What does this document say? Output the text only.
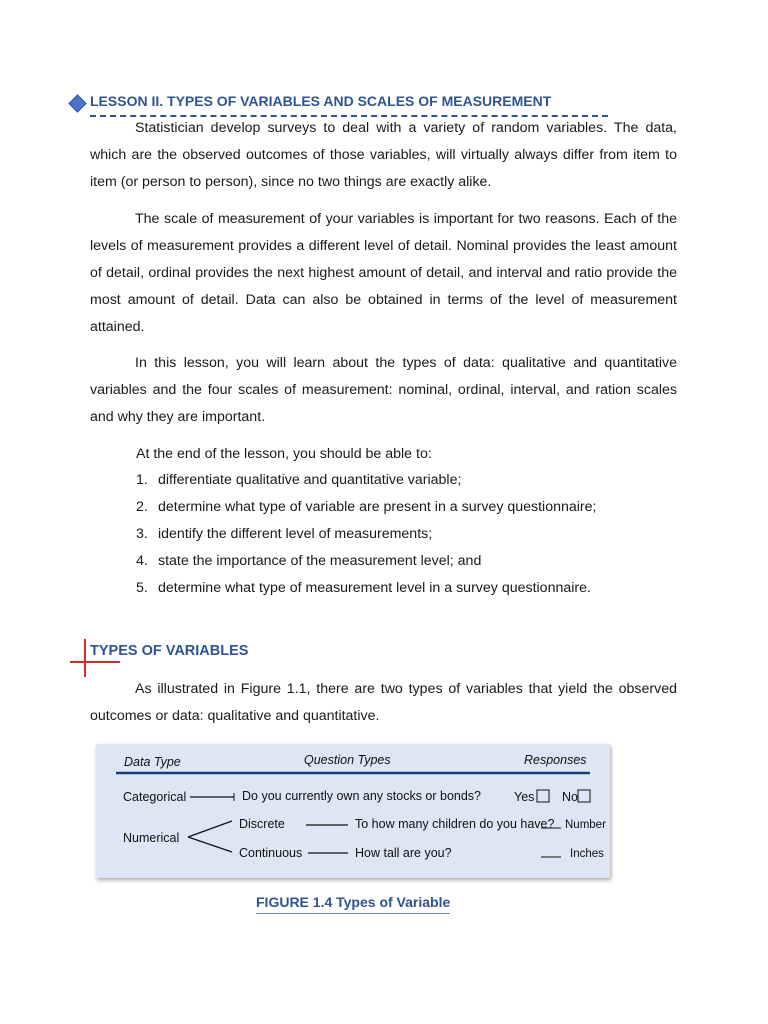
LESSON II. TYPES OF VARIABLES AND SCALES OF MEASUREMENT

Statistician develop surveys to deal with a variety of random variables. The data, which are the observed outcomes of those variables, will virtually always differ from item to item (or person to person), since no two things are exactly alike.

The scale of measurement of your variables is important for two reasons. Each of the levels of measurement provides a different level of detail. Nominal provides the least amount of detail, ordinal provides the next highest amount of detail, and interval and ratio provide the most amount of detail. Data can also be obtained in terms of the level of measurement attained.

In this lesson, you will learn about the types of data: qualitative and quantitative variables and the four scales of measurement: nominal, ordinal, interval, and ration scales and why they are important.

At the end of the lesson, you should be able to:

1. differentiate qualitative and quantitative variable;
2. determine what type of variable are present in a survey questionnaire;
3. identify the different level of measurements;
4. state the importance of the measurement level; and
5. determine what type of measurement level in a survey questionnaire.
TYPES OF VARIABLES

As illustrated in Figure 1.1, there are two types of variables that yield the observed outcomes or data: qualitative and quantitative.

Data Type	Question Types	Responses
Categorical	Do you currently own any stocks or bonds?	Yes No
Numerical
Discrete	To how many children do you have? Number
Continuous	How tall are you?	Inches
FIGURE 1.4 Types of Variable
